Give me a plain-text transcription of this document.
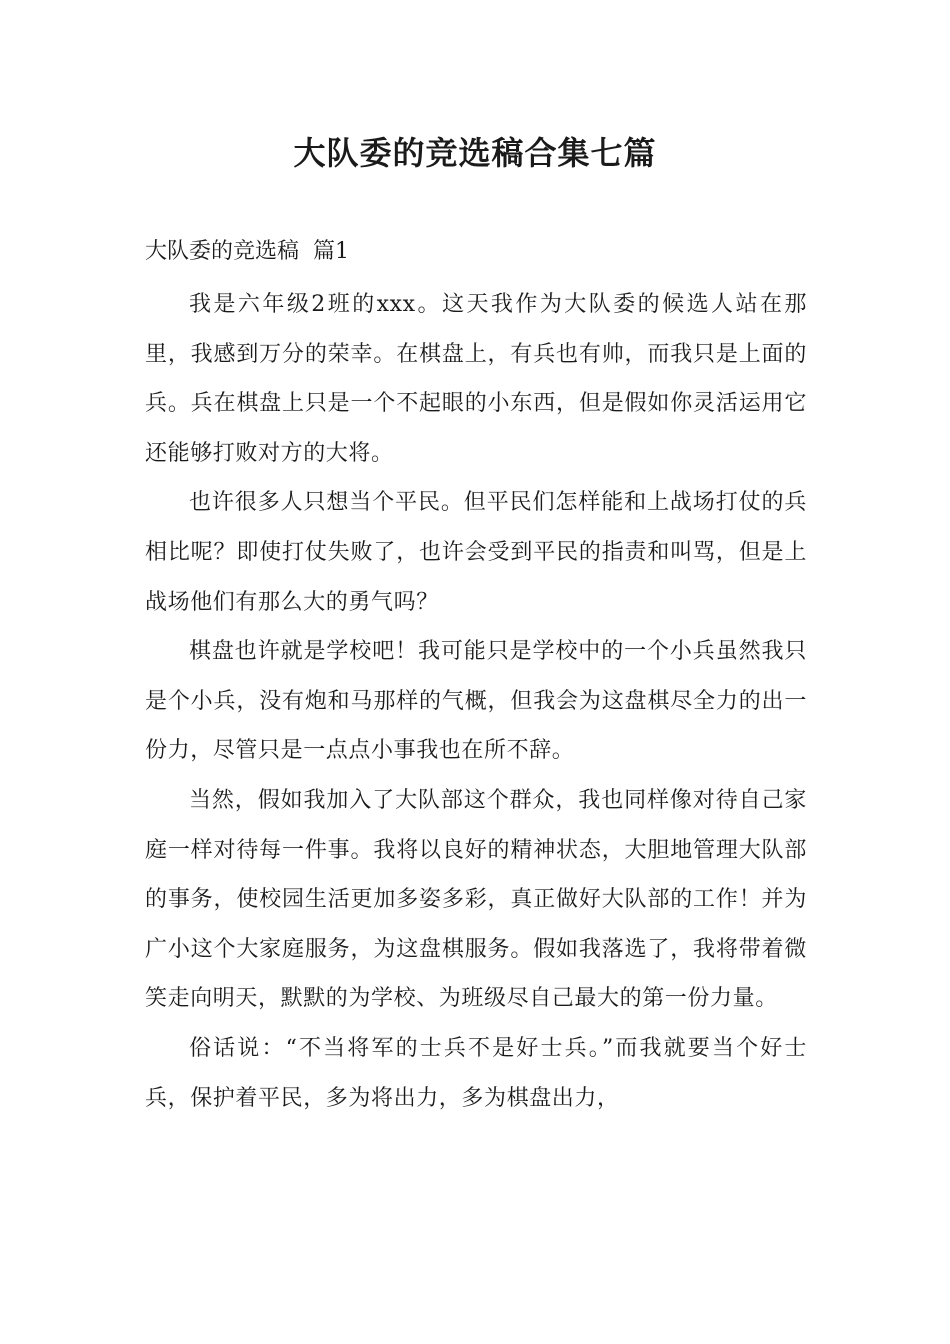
大队委的竞选稿合集七篇

大队委的竞选稿  篇1

我是六年级2班的xxx。这天我作为大队委的候选人站在那里，我感到万分的荣幸。在棋盘上，有兵也有帅，而我只是上面的兵。兵在棋盘上只是一个不起眼的小东西，但是假如你灵活运用它还能够打败对方的大将。

也许很多人只想当个平民。但平民们怎样能和上战场打仗的兵相比呢？即使打仗失败了，也许会受到平民的指责和叫骂，但是上战场他们有那么大的勇气吗？

棋盘也许就是学校吧！我可能只是学校中的一个小兵虽然我只是个小兵，没有炮和马那样的气概，但我会为这盘棋尽全力的出一份力，尽管只是一点点小事我也在所不辞。

当然，假如我加入了大队部这个群众，我也同样像对待自己家庭一样对待每一件事。我将以良好的精神状态，大胆地管理大队部的事务，使校园生活更加多姿多彩，真正做好大队部的工作！并为广小这个大家庭服务，为这盘棋服务。假如我落选了，我将带着微笑走向明天，默默的为学校、为班级尽自己最大的第一份力量。

俗话说：“不当将军的士兵不是好士兵。”而我就要当个好士兵，保护着平民，多为将出力，多为棋盘出力，
